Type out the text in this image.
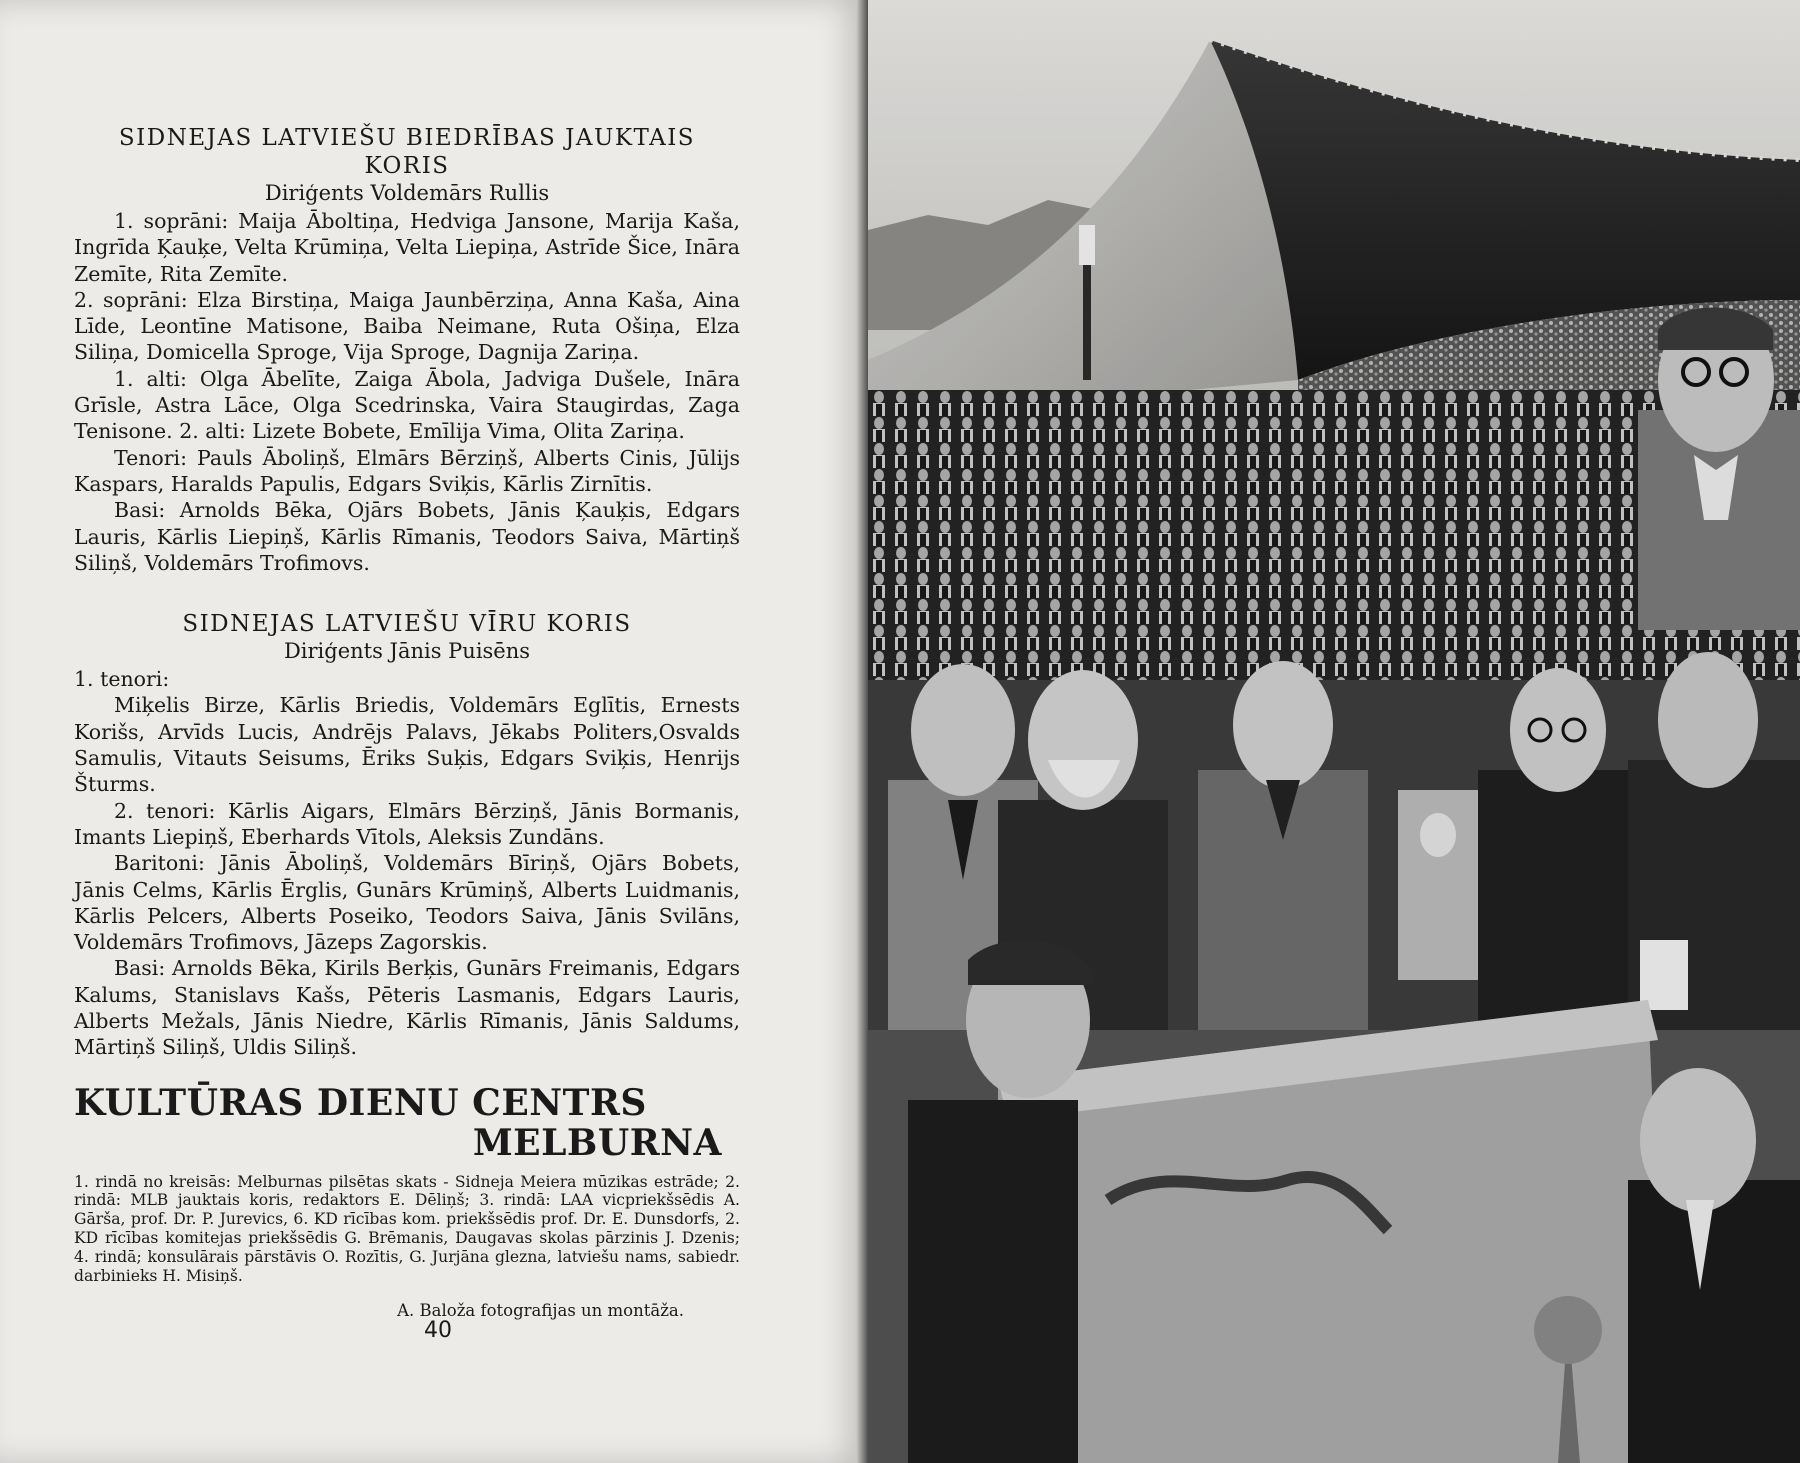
SIDNEJAS LATVIEŠU BIEDRĪBAS JAUKTAIS KORIS
Diriģents Voldemārs Rullis

1. soprāni: Maija Āboltiņa, Hedviga Jansone, Marija Kaša, Ingrīda Ķauķe, Velta Krūmiņa, Velta Liepiņa, Astrīde Šice, Ināra Zemīte, Rita Zemīte.

2. soprāni: Elza Birstiņa, Maiga Jaunbērziņa, Anna Kaša, Aina Līde, Leontīne Matisone, Baiba Neimane, Ruta Ošiņa, Elza Siliņa, Domicella Sproge, Vija Sproge, Dagnija Zariņa.

1. alti: Olga Ābelīte, Zaiga Ābola, Jadviga Dušele, Ināra Grīsle, Astra Lāce, Olga Scedrinska, Vaira Staugirdas, Zaga Tenisone. 2. alti: Lizete Bobete, Emīlija Vima, Olita Zariņa.

Tenori: Pauls Āboliņš, Elmārs Bērziņš, Alberts Cinis, Jūlijs Kaspars, Haralds Papulis, Edgars Sviķis, Kārlis Zirnītis.

Basi: Arnolds Bēka, Ojārs Bobets, Jānis Ķauķis, Edgars Lauris, Kārlis Liepiņš, Kārlis Rīmanis, Teodors Saiva, Mārtiņš Siliņš, Voldemārs Trofimovs.

SIDNEJAS LATVIEŠU VĪRU KORIS
Diriģents Jānis Puisēns

1. tenori:

Miķelis Birze, Kārlis Briedis, Voldemārs Eglītis, Ernests Korišs, Arvīds Lucis, Andrējs Palavs, Jēkabs Politers,Osvalds Samulis, Vitauts Seisums, Ēriks Suķis, Edgars Sviķis, Henrijs Šturms.

2. tenori: Kārlis Aigars, Elmārs Bērziņš, Jānis Bormanis, Imants Liepiņš, Eberhards Vītols, Aleksis Zundāns.

Baritoni: Jānis Āboliņš, Voldemārs Bīriņš, Ojārs Bobets, Jānis Celms, Kārlis Ērglis, Gunārs Krūmiņš, Alberts Luidmanis, Kārlis Pelcers, Alberts Poseiko, Teodors Saiva, Jānis Svilāns, Voldemārs Trofimovs, Jāzeps Zagorskis.

Basi: Arnolds Bēka, Kirils Berķis, Gunārs Freimanis, Edgars Kalums, Stanislavs Kašs, Pēteris Lasmanis, Edgars Lauris, Alberts Mežals, Jānis Niedre, Kārlis Rīmanis, Jānis Saldums, Mārtiņš Siliņš, Uldis Siliņš.

KULTŪRAS DIENU CENTRS
MELBURNA

1. rindā no kreisās: Melburnas pilsētas skats - Sidneja Meiera mūzikas estrāde; 2. rindā: MLB jauktais koris, redaktors E. Dēliņš; 3. rindā: LAA vicpriekšsēdis A. Gārša, prof. Dr. P. Jurevics, 6. KD rīcības kom. priekšsēdis prof. Dr. E. Dunsdorfs, 2. KD rīcības komitejas priekšsēdis G. Brēmanis, Daugavas skolas pārzinis J. Dzenis; 4. rindā; konsulārais pārstāvis O. Rozītis, G. Jurjāna glezna, latviešu nams, sabiedr. darbinieks H. Misiņš.

A. Baloža fotografijas un montāža.

40
